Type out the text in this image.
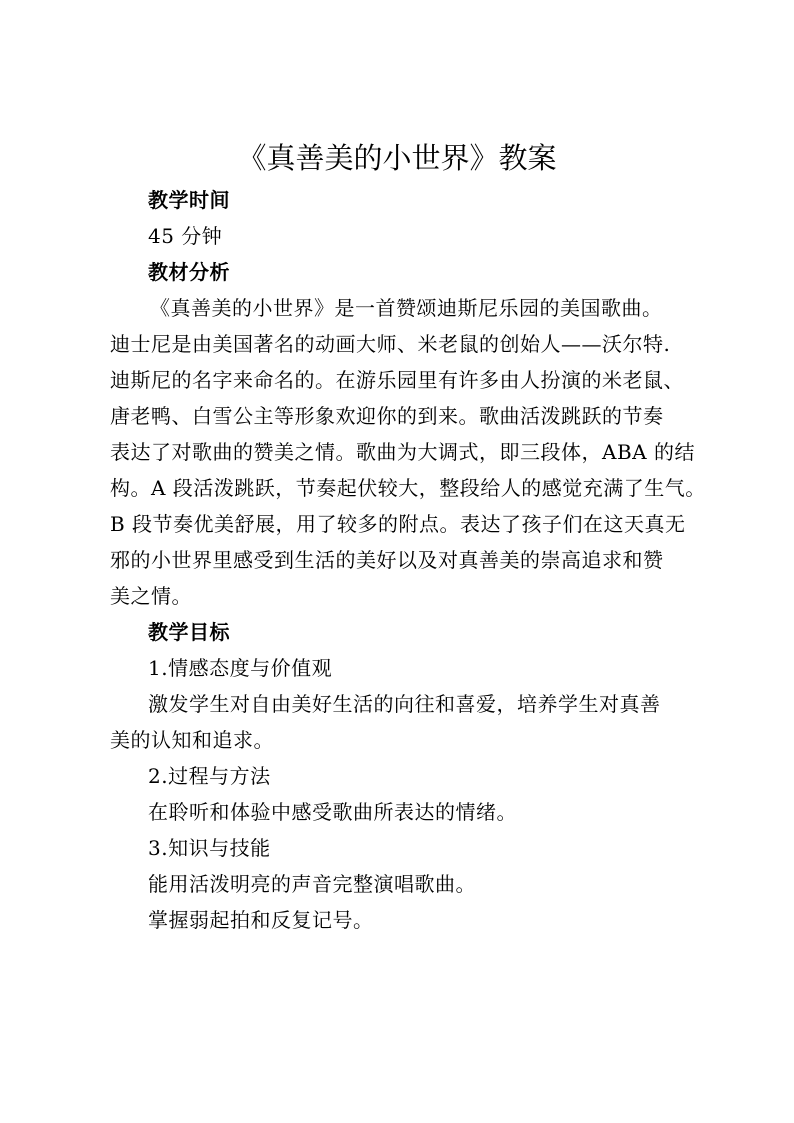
《真善美的小世界》教案
教学时间
45 分钟
教材分析
《真善美的小世界》是一首赞颂迪斯尼乐园的美国歌曲。
迪士尼是由美国著名的动画大师、米老鼠的创始人——沃尔特.
迪斯尼的名字来命名的。在游乐园里有许多由人扮演的米老鼠、
唐老鸭、白雪公主等形象欢迎你的到来。歌曲活泼跳跃的节奏
表达了对歌曲的赞美之情。歌曲为大调式，即三段体，ABA 的结
构。A 段活泼跳跃，节奏起伏较大，整段给人的感觉充满了生气。
B 段节奏优美舒展，用了较多的附点。表达了孩子们在这天真无
邪的小世界里感受到生活的美好以及对真善美的崇高追求和赞
美之情。
教学目标
1.情感态度与价值观
激发学生对自由美好生活的向往和喜爱，培养学生对真善
美的认知和追求。
2.过程与方法
在聆听和体验中感受歌曲所表达的情绪。
3.知识与技能
能用活泼明亮的声音完整演唱歌曲。
掌握弱起拍和反复记号。
